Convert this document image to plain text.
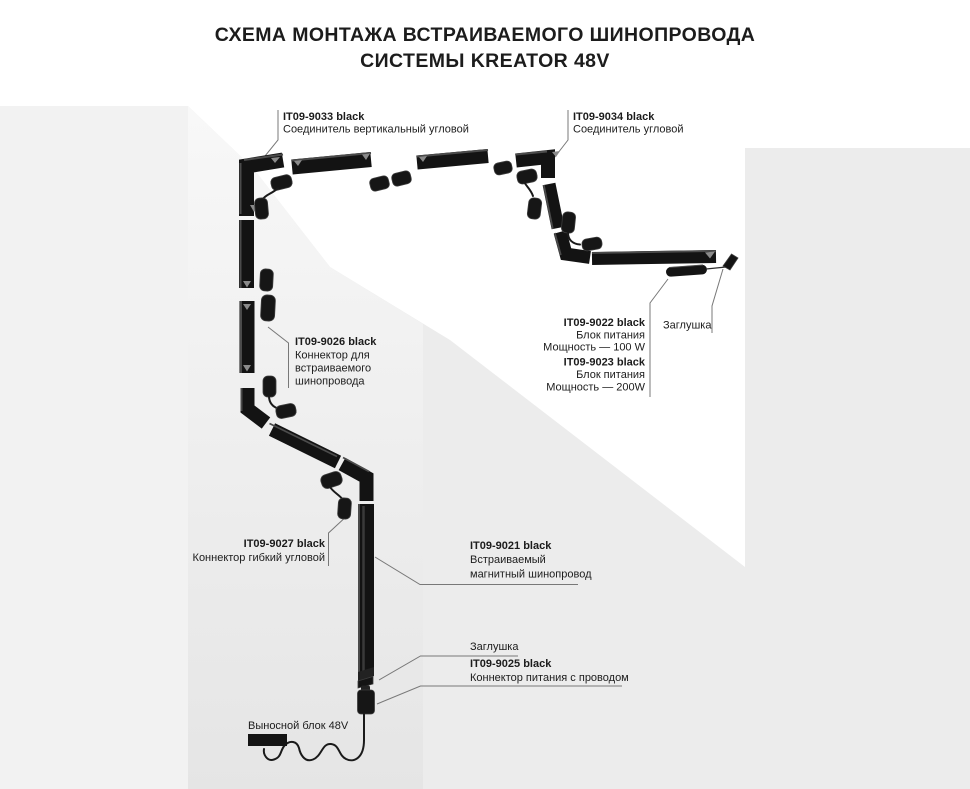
СХЕМА МОНТАЖА ВСТРАИВАЕМОГО ШИНОПРОВОДА
СИСТЕМЫ KREATOR 48V
IT09-9033 black
Соединитель вертикальный угловой
IT09-9034 black
Соединитель угловой
IT09-9026 black
Коннектор для
встраиваемого
шинопровода
IT09-9022 black
Блок питания
Мощность — 100 W
IT09-9023 black
Блок питания
Мощность — 200W
Заглушка
IT09-9027 black
Коннектор гибкий угловой
IT09-9021 black
Встраиваемый
магнитный шинопровод
Заглушка
IT09-9025 black
Коннектор питания с проводом
Выносной блок 48V
